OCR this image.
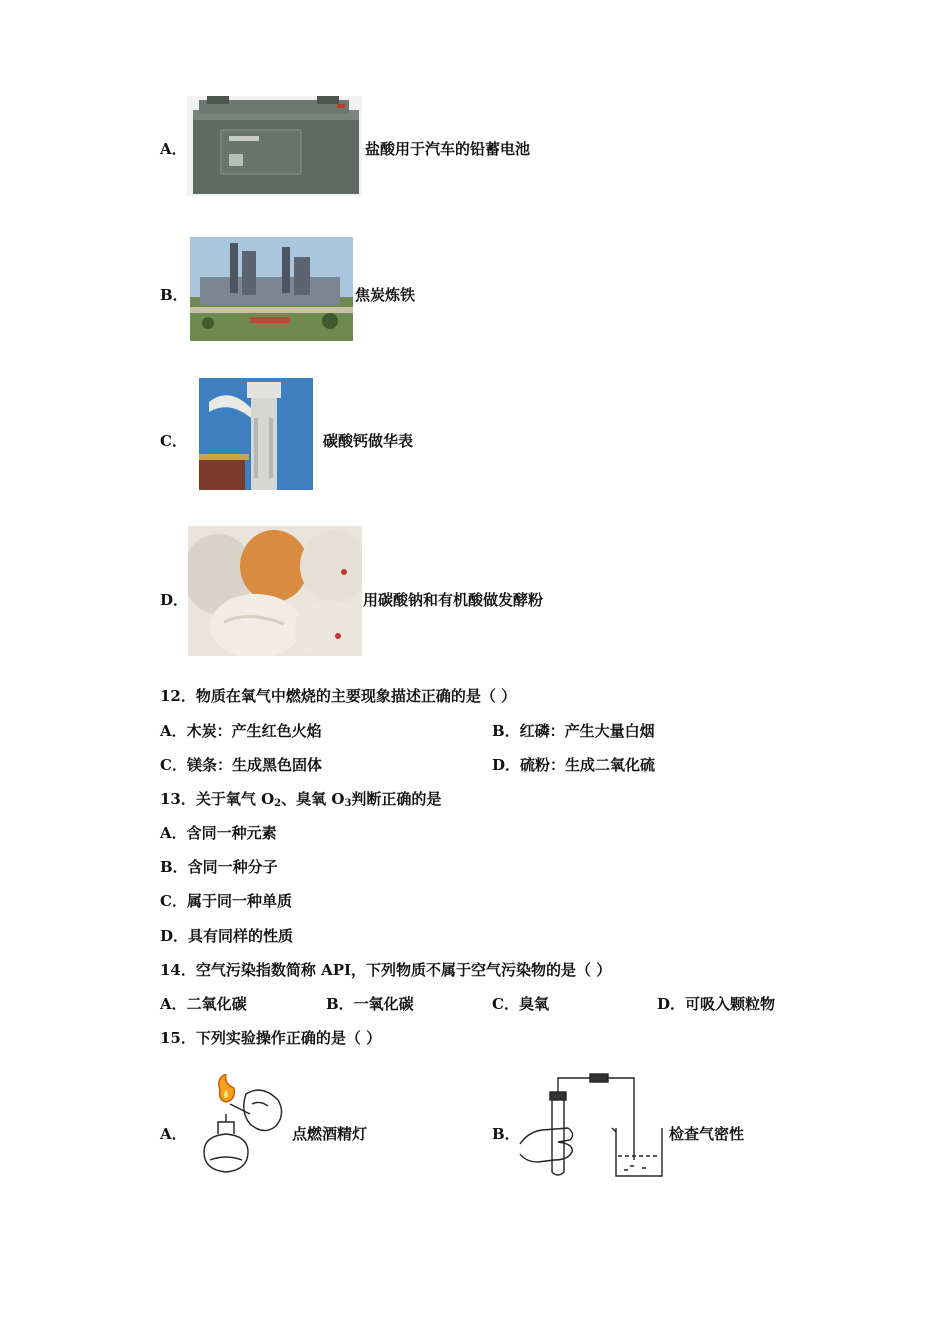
A．	盐酸用于汽车的铅蓄电池
B．	焦炭炼铁
C．	碳酸钙做华表
D．	用碳酸钠和有机酸做发酵粉
12．物质在氧气中燃烧的主要现象描述正确的是（ ）
A．木炭：产生红色火焰	B．红磷：产生大量白烟
C．镁条：生成黑色固体	D．硫粉：生成二氧化硫
13．关于氧气 $O_2$、臭氧 $O_3$判断正确的是
A．含同一种元素
B．含同一种分子
C．属于同一种单质
D．具有同样的性质
14．空气污染指数简称 API，下列物质不属于空气污染物的是（ ）
A．二氧化碳	B．一氧化碳	C．臭氧	D．可吸入颗粒物
15．下列实验操作正确的是（ ）
A．	点燃酒精灯	B．	检查气密性
